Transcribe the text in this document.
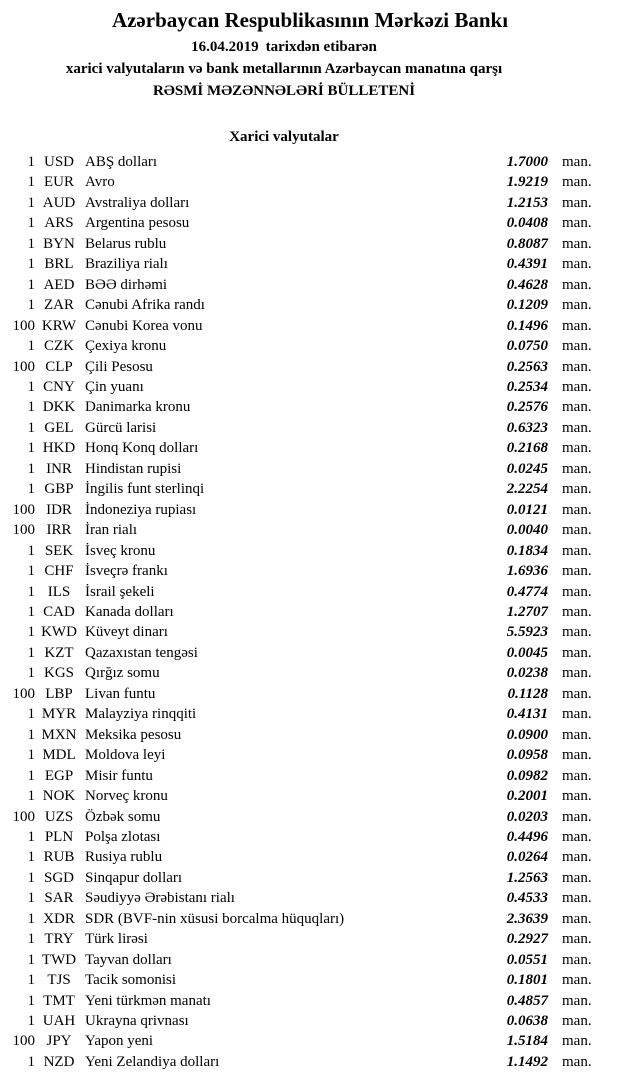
Azərbaycan Respublikasının Mərkəzi Bankı

16.04.2019 tarixdən etibarən

xarici valyutaların və bank metallarının Azərbaycan manatına qarşı

RƏSMİ MƏZƏNNƏLƏRİ BÜLLETENİ

Xarici valyutalar

1 USD ABŞ dolları	1.7000 man.
1 EUR Avro	1.9219 man.
1 AUD Avstraliya dolları	1.2153 man.
1 ARS Argentina pesosu	0.0408 man.
1 BYN Belarus rublu	0.8087 man.
1 BRL Braziliya rialı	0.4391 man.
1 AED BƏƏ dirhəmi	0.4628 man.
1 ZAR Cənubi Afrika randı	0.1209 man.
100 KRW Cənubi Korea vonu	0.1496 man.
1 CZK Çexiya kronu	0.0750 man.
100 CLP Çili Pesosu	0.2563 man.
1 CNY Çin yuanı	0.2534 man.
1 DKK Danimarka kronu	0.2576 man.
1 GEL Gürcü larisi	0.6323 man.
1 HKD Honq Konq dolları	0.2168 man.
1 INR Hindistan rupisi	0.0245 man.
1 GBP İngilis funt sterlinqi	2.2254 man.
100 IDR İndoneziya rupiası	0.0121 man.
100 IRR İran rialı	0.0040 man.
1 SEK İsveç kronu	0.1834 man.
1 CHF İsveçrə frankı	1.6936 man.
1 ILS İsrail şekeli	0.4774 man.
1 CAD Kanada dolları	1.2707 man.
1 KWD Küveyt dinarı	5.5923 man.
1 KZT Qazaxıstan tengəsi	0.0045 man.
1 KGS Qırğız somu	0.0238 man.
100 LBP Livan funtu	0.1128 man.
1 MYR Malayziya rinqqiti	0.4131 man.
1 MXN Meksika pesosu	0.0900 man.
1 MDL Moldova leyi	0.0958 man.
1 EGP Misir funtu	0.0982 man.
1 NOK Norveç kronu	0.2001 man.
100 UZS Özbək somu	0.0203 man.
1 PLN Polşa zlotası	0.4496 man.
1 RUB Rusiya rublu	0.0264 man.
1 SGD Sinqapur dolları	1.2563 man.
1 SAR Səudiyyə Ərəbistanı rialı	0.4533 man.
1 XDR SDR (BVF-nin xüsusi borcalma hüquqları)	2.3639 man.
1 TRY Türk lirəsi	0.2927 man.
1 TWD Tayvan dolları	0.0551 man.
1 TJS Tacik somonisi	0.1801 man.
1 TMT Yeni türkmən manatı	0.4857 man.
1 UAH Ukrayna qrivnası	0.0638 man.
100 JPY Yapon yeni	1.5184 man.
1 NZD Yeni Zelandiya dolları	1.1492 man.
